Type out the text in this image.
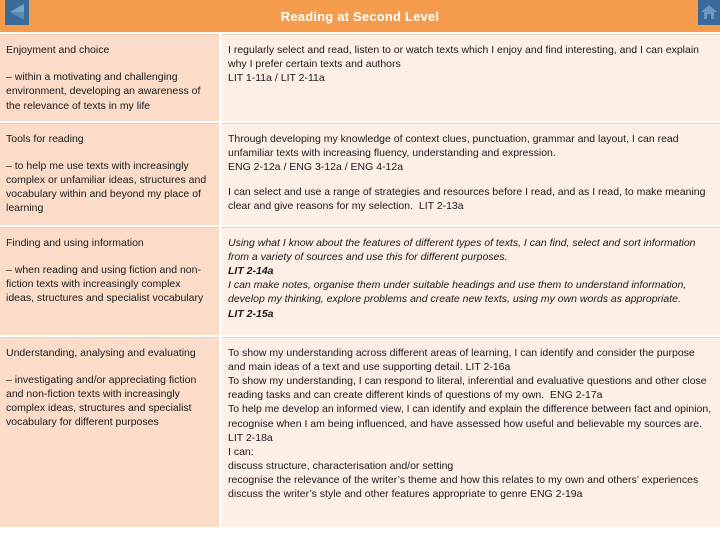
Reading at Second Level

Enjoyment and choice

– within a motivating and challenging environment, developing an awareness of the relevance of texts in my life

I regularly select and read, listen to or watch texts which I enjoy and find interesting, and I can explain why I prefer certain texts and authors
LIT 1-11a / LIT 2-11a

Tools for reading

– to help me use texts with increasingly complex or unfamiliar ideas, structures and vocabulary within and beyond my place of learning

Through developing my knowledge of context clues, punctuation, grammar and layout, I can read unfamiliar texts with increasing fluency, understanding and expression.
ENG 2-12a / ENG 3-12a / ENG 4-12a

I can select and use a range of strategies and resources before I read, and as I read, to make meaning clear and give reasons for my selection. LIT 2-13a

Finding and using information

– when reading and using fiction and non-fiction texts with increasingly complex ideas, structures and specialist vocabulary

Using what I know about the features of different types of texts, I can find, select and sort information from a variety of sources and use this for different purposes.
LIT 2-14a

I can make notes, organise them under suitable headings and use them to understand information, develop my thinking, explore problems and create new texts, using my own words as appropriate.
LIT 2-15a

Understanding, analysing and evaluating

– investigating and/or appreciating fiction and non-fiction texts with increasingly complex ideas, structures and specialist vocabulary for different purposes

To show my understanding across different areas of learning, I can identify and consider the purpose and main ideas of a text and use supporting detail. LIT 2-16a

To show my understanding, I can respond to literal, inferential and evaluative questions and other close reading tasks and can create different kinds of questions of my own. ENG 2-17a

To help me develop an informed view, I can identify and explain the difference between fact and opinion, recognise when I am being influenced, and have assessed how useful and believable my sources are.  LIT 2-18a

I can:

discuss structure, characterisation and/or setting

recognise the relevance of the writer’s theme and how this relates to my own and others’ experiences

discuss the writer’s style and other features appropriate to genre ENG 2-19a
